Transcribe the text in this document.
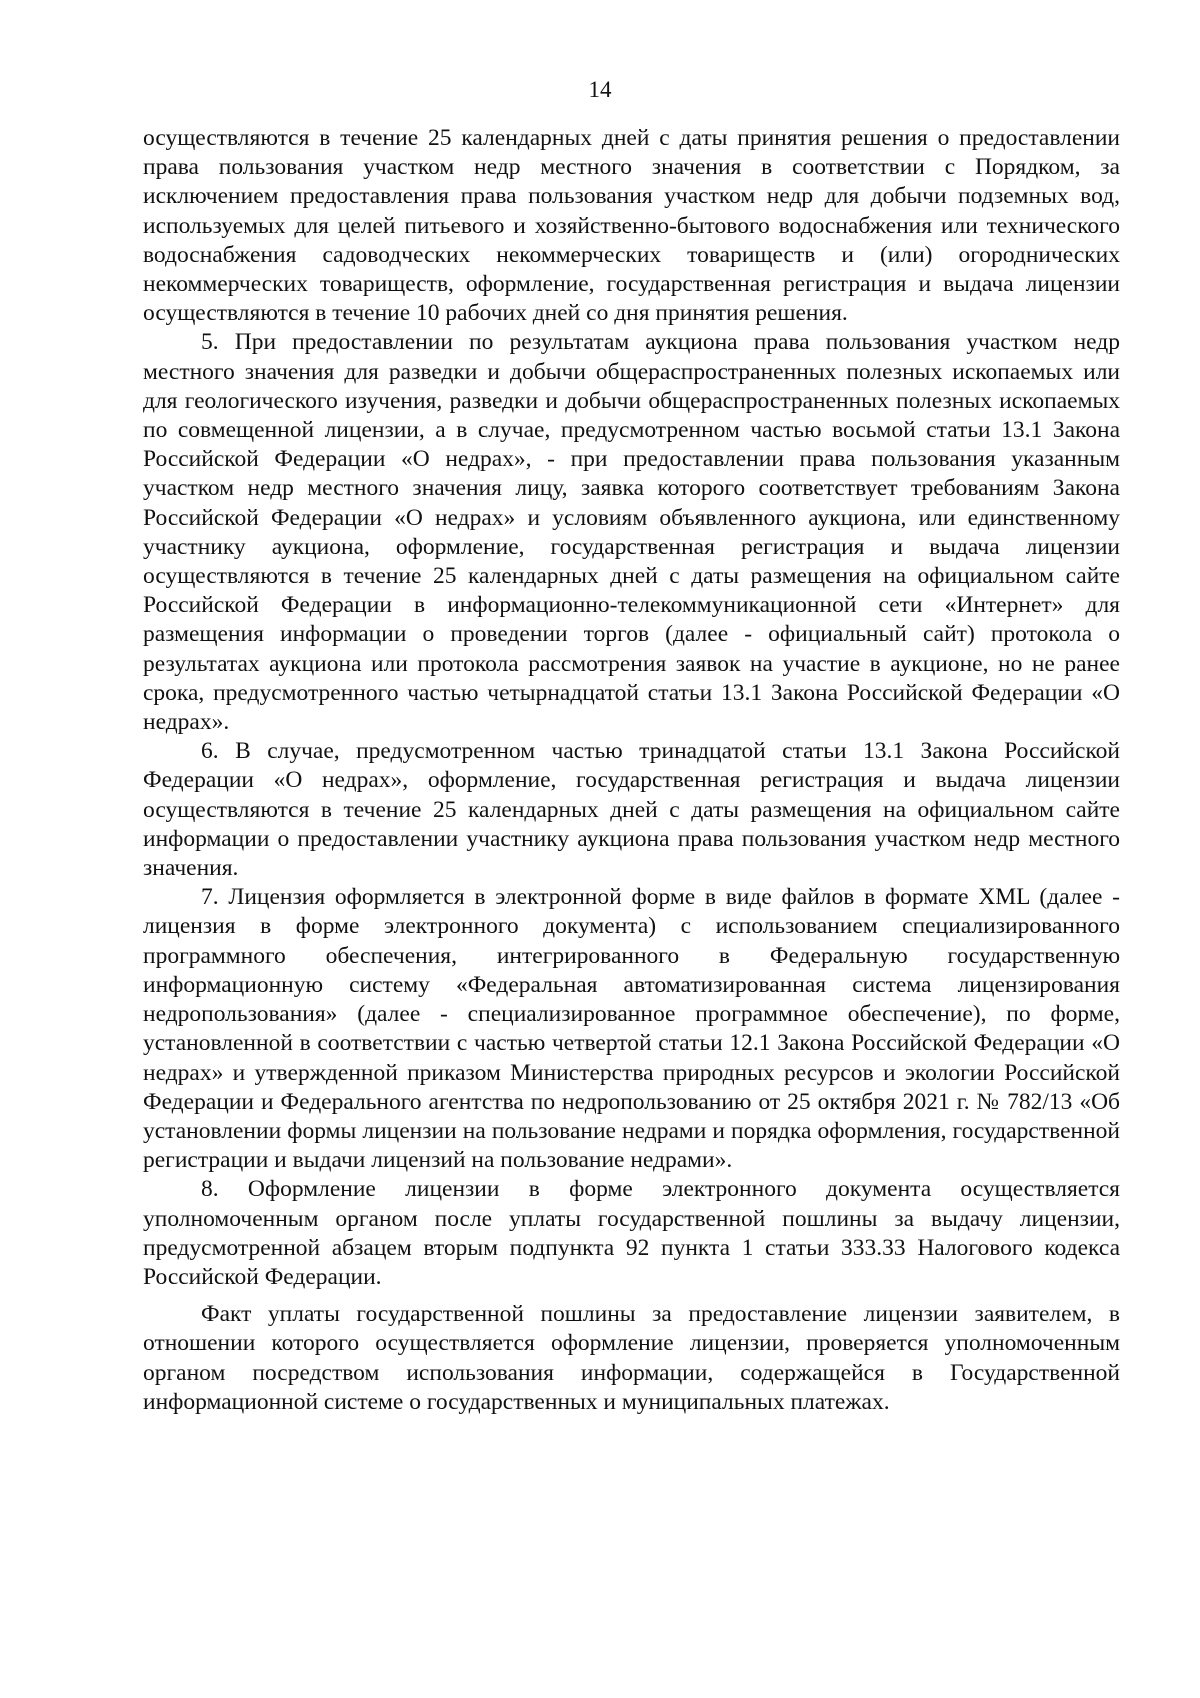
14

осуществляются в течение 25 календарных дней с даты принятия решения о предоставлении права пользования участком недр местного значения в соответствии с Порядком, за исключением предоставления права пользования участком недр для добычи подземных вод, используемых для целей питьевого и хозяйственно-бытового водоснабжения или технического водоснабжения садоводческих некоммерческих товариществ и (или) огороднических некоммерческих товариществ, оформление, государственная регистрация и выдача лицензии осуществляются в течение 10 рабочих дней со дня принятия решения.

5. При предоставлении по результатам аукциона права пользования участком недр местного значения для разведки и добычи общераспространенных полезных ископаемых или для геологического изучения, разведки и добычи общераспространенных полезных ископаемых по совмещенной лицензии, а в случае, предусмотренном частью восьмой статьи 13.1 Закона Российской Федерации «О недрах», - при предоставлении права пользования указанным участком недр местного значения лицу, заявка которого соответствует требованиям Закона Российской Федерации «О недрах» и условиям объявленного аукциона, или единственному участнику аукциона, оформление, государственная регистрация и выдача лицензии осуществляются в течение 25 календарных дней с даты размещения на официальном сайте Российской Федерации в информационно-телекоммуникационной сети «Интернет» для размещения информации о проведении торгов (далее - официальный сайт) протокола о результатах аукциона или протокола рассмотрения заявок на участие в аукционе, но не ранее срока, предусмотренного частью четырнадцатой статьи 13.1 Закона Российской Федерации «О недрах».

6. В случае, предусмотренном частью тринадцатой статьи 13.1 Закона Российской Федерации «О недрах», оформление, государственная регистрация и выдача лицензии осуществляются в течение 25 календарных дней с даты размещения на официальном сайте информации о предоставлении участнику аукциона права пользования участком недр местного значения.

7. Лицензия оформляется в электронной форме в виде файлов в формате XML (далее - лицензия в форме электронного документа) с использованием специализированного программного обеспечения, интегрированного в Федеральную государственную информационную систему «Федеральная автоматизированная система лицензирования недропользования» (далее - специализированное программное обеспечение), по форме, установленной в соответствии с частью четвертой статьи 12.1 Закона Российской Федерации «О недрах» и утвержденной приказом Министерства природных ресурсов и экологии Российской Федерации и Федерального агентства по недропользованию от 25 октября 2021 г. № 782/13 «Об установлении формы лицензии на пользование недрами и порядка оформления, государственной регистрации и выдачи лицензий на пользование недрами».

8. Оформление лицензии в форме электронного документа осуществляется уполномоченным органом после уплаты государственной пошлины за выдачу лицензии, предусмотренной абзацем вторым подпункта 92 пункта 1 статьи 333.33 Налогового кодекса Российской Федерации.

Факт уплаты государственной пошлины за предоставление лицензии заявителем, в отношении которого осуществляется оформление лицензии, проверяется уполномоченным органом посредством использования информации, содержащейся в Государственной информационной системе о государственных и муниципальных платежах.
